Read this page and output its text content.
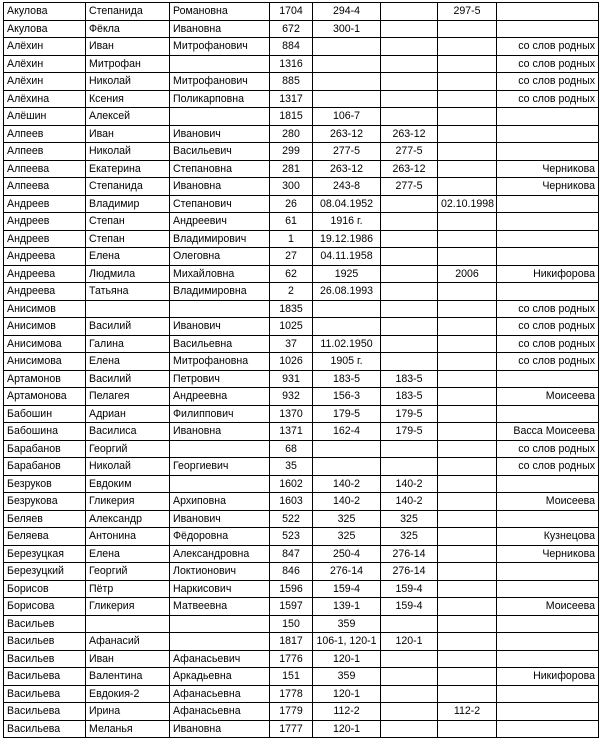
Акулова	Степанида	Романовна	1704	294-4		297-5	
Акулова	Фёкла	Ивановна	672	300-1			
Алёхин	Иван	Митрофанович	884				со слов родных
Алёхин	Митрофан		1316				со слов родных
Алёхин	Николай	Митрофанович	885				со слов родных
Алёхина	Ксения	Поликарповна	1317				со слов родных
Алёшин	Алексей		1815	106-7			
Алпеев	Иван	Иванович	280	263-12	263-12		
Алпеев	Николай	Васильевич	299	277-5	277-5		
Алпеева	Екатерина	Степановна	281	263-12	263-12		Черникова
Алпеева	Степанида	Ивановна	300	243-8	277-5		Черникова
Андреев	Владимир	Степанович	26	08.04.1952		02.10.1998	
Андреев	Степан	Андреевич	61	1916 г.			
Андреев	Степан	Владимирович	1	19.12.1986			
Андреева	Елена	Олеговна	27	04.11.1958			
Андреева	Людмила	Михайловна	62	1925		2006	Никифорова
Андреева	Татьяна	Владимировна	2	26.08.1993			
Анисимов			1835				со слов родных
Анисимов	Василий	Иванович	1025				со слов родных
Анисимова	Галина	Васильевна	37	11.02.1950			со слов родных
Анисимова	Елена	Митрофановна	1026	1905 г.			со слов родных
Артамонов	Василий	Петрович	931	183-5	183-5		
Артамонова	Пелагея	Андреевна	932	156-3	183-5		Моисеева
Бабошин	Адриан	Филиппович	1370	179-5	179-5		
Бабошина	Василиса	Ивановна	1371	162-4	179-5		Васса Моисеева
Барабанов	Георгий		68				со слов родных
Барабанов	Николай	Георгиевич	35				со слов родных
Безруков	Евдоким		1602	140-2	140-2		
Безрукова	Гликерия	Архиповна	1603	140-2	140-2		Моисеева
Беляев	Александр	Иванович	522	325	325		
Беляева	Антонина	Фёдоровна	523	325	325		Кузнецова
Березуцкая	Елена	Александровна	847	250-4	276-14		Черникова
Березуцкий	Георгий	Локтионович	846	276-14	276-14		
Борисов	Пётр	Наркисович	1596	159-4	159-4		
Борисова	Гликерия	Матвеевна	1597	139-1	159-4		Моисеева
Васильев			150	359			
Васильев	Афанасий		1817	106-1, 120-1	120-1		
Васильев	Иван	Афанасьевич	1776	120-1			
Васильева	Валентина	Аркадьевна	151	359			Никифорова
Васильева	Евдокия-2	Афанасьевна	1778	120-1			
Васильева	Ирина	Афанасьевна	1779	112-2		112-2	
Васильева	Меланья	Ивановна	1777	120-1			
